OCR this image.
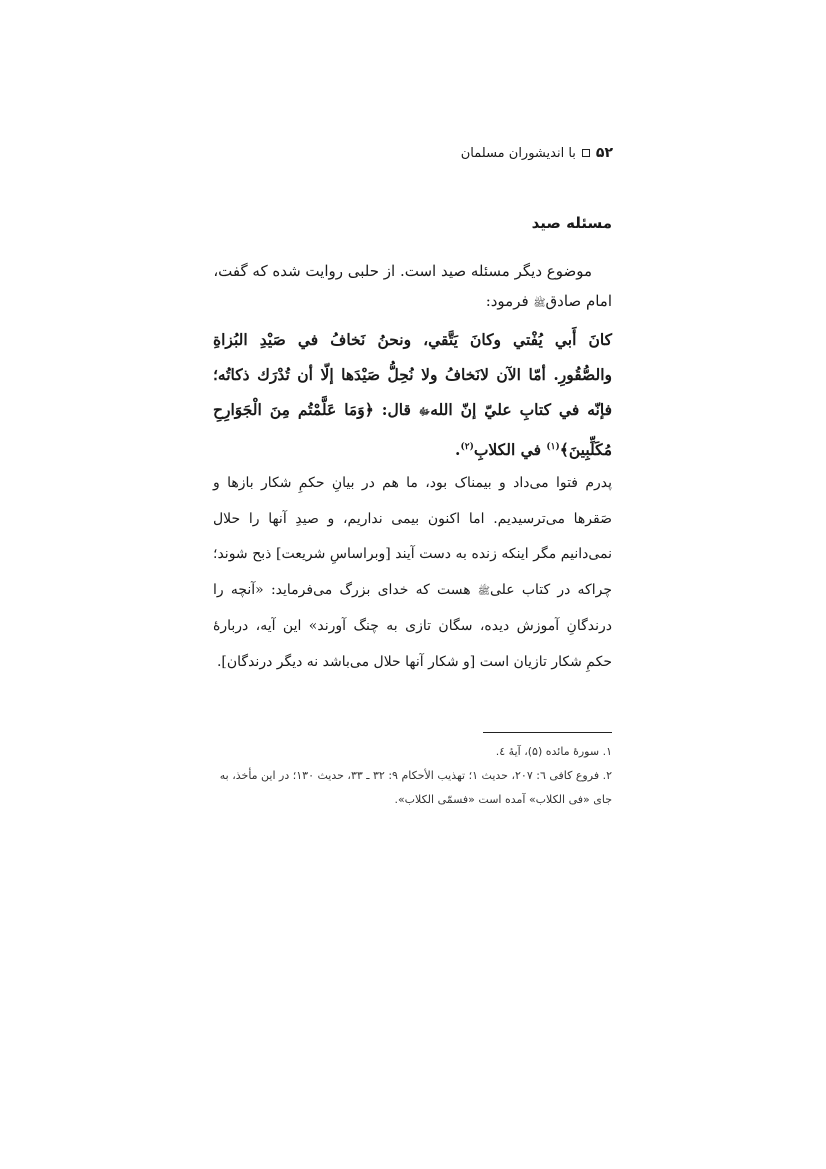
۵۲
با اندیشوران مسلمان
مسئله صید

موضوع دیگر مسئله صید است. از حلبی روایت شده که گفت،

امام صادقﷺ فرمود:

كانَ أَبي يُفْتي وكانَ يَتَّقي، ونحنُ نَخافُ في صَيْدِ البُزاةِ والصُّقُورِ. أمّا الآن لانَخافُ ولا نُحِلُّ صَيْدَها إلّا أن تُدْرَك ذكاتُه؛ فإنّه في كتابِ عليّ إنّ اللهﷻ قال: ﴿وَمَا عَلَّمْتُم مِنَ الْجَوَارِحِ مُكَلِّبِينَ﴾$^{(۱)}$ في الكلابِ$^{(۲)}$.
پدرم فتوا می‌داد و بیمناک بود، ما هم در بیانِ حکمِ شکار بازها و صَقرها می‌ترسیدیم. اما اکنون بیمی نداریم، و صیدِ آنها را حلال نمی‌دانیم مگر اینکه زنده به دست آیند [وبراساسِ شریعت] ذبح شوند؛ چراکه در کتاب علیﷺ هست که خدای بزرگ می‌فرماید: «آنچه را درندگانِ آموزش دیده، سگان تازی به چنگ آورند» این آیه، دربارهٔ حکمِ شکار تازیان است [و شکار آنها حلال می‌باشد نه دیگر درندگان].

۱. سورهٔ مائده (۵)، آیهٔ ٤.

۲. فروع کافی ٦: ٢٠٧، حدیث ١؛ تهذیب الأحکام ٩: ٣٢ ـ ٣٣، حدیث ١٣٠؛ در این مأخذ، به جای «فی الکلاب» آمده است «فسمّی الکلاب».
